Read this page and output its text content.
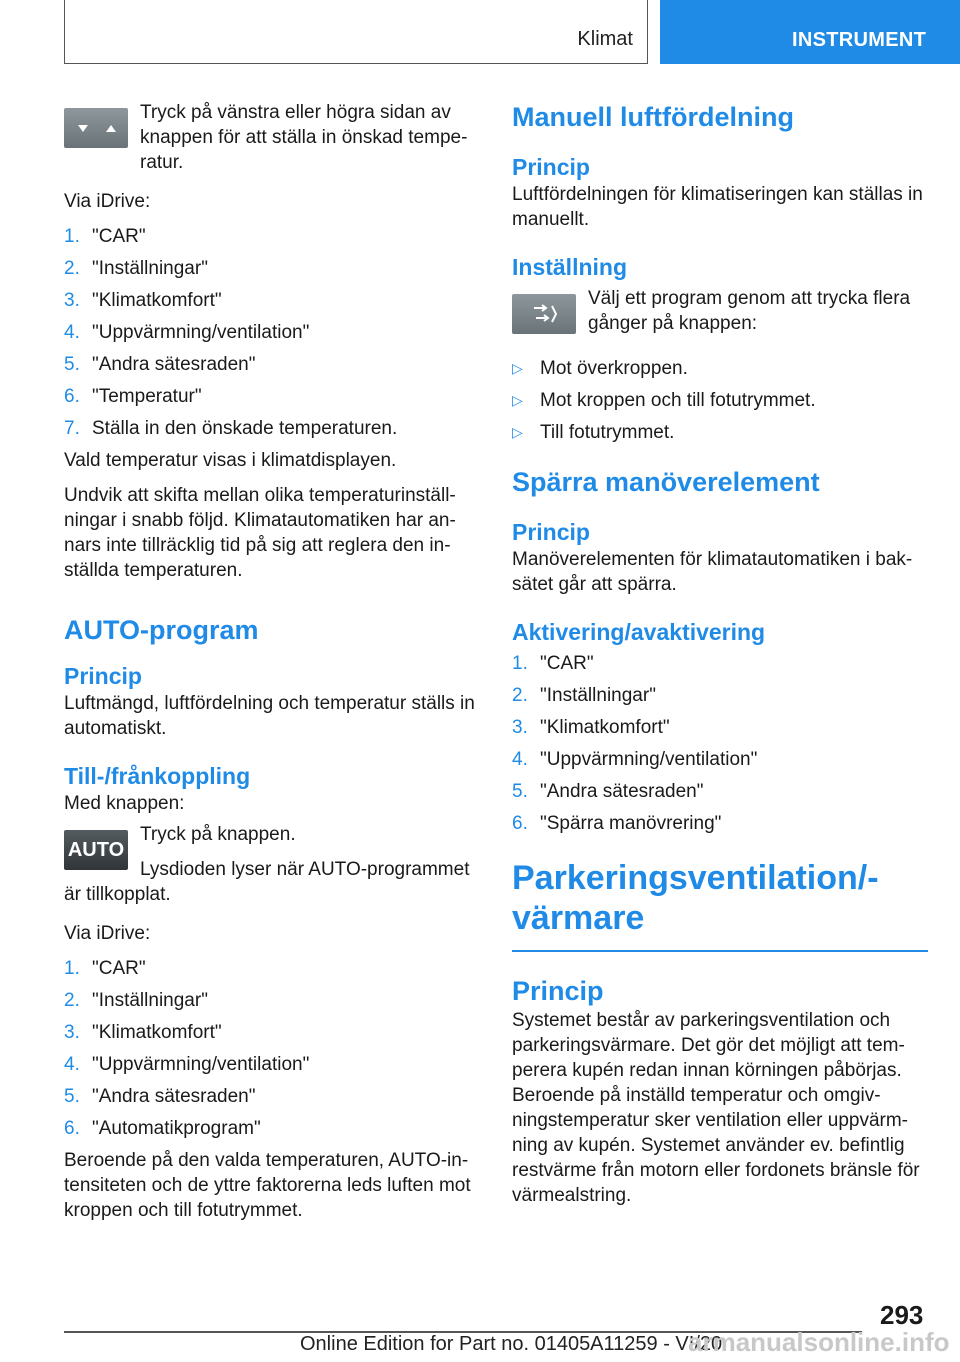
Klimat	INSTRUMENT

Tryck på vänstra eller högra sidan av knappen för att ställa in önskad tempe‐ratur.

Via iDrive:

1. "CAR"
2. "Inställningar"
3. "Klimatkomfort"
4. "Uppvärmning/ventilation"
5. "Andra sätesraden"
6. "Temperatur"
7. Ställa in den önskade temperaturen.

Vald temperatur visas i klimatdisplayen.

Undvik att skifta mellan olika temperaturinställ‐ningar i snabb följd. Klimatautomatiken har an‐nars inte tillräcklig tid på sig att reglera den in‐ställda temperaturen.

AUTO-program
Princip

Luftmängd, luftfördelning och temperatur ställs in automatiskt.

Till-/frånkoppling

Med knappen:

AUTO

Tryck på knappen.

Lysdioden lyser när AUTO-programmet är tillkopplat.

Via iDrive:

1. "CAR"
2. "Inställningar"
3. "Klimatkomfort"
4. "Uppvärmning/ventilation"
5. "Andra sätesraden"
6. "Automatikprogram"

Beroende på den valda temperaturen, AUTO-in‐tensiteten och de yttre faktorerna leds luften mot kroppen och till fotutrymmet.

Manuell luftfördelning
Princip

Luftfördelningen för klimatiseringen kan ställas in manuellt.

Inställning

Välj ett program genom att trycka flera gånger på knappen:

▷ Mot överkroppen.
▷ Mot kroppen och till fotutrymmet.
▷ Till fotutrymmet.
Spärra manöverelement
Princip

Manöverelementen för klimatautomatiken i bak‐sätet går att spärra.

Aktivering/avaktivering
1. "CAR"
2. "Inställningar"
3. "Klimatkomfort"
4. "Uppvärmning/ventilation"
5. "Andra sätesraden"
6. "Spärra manövrering"
Parkeringsventilation/-
värmare
Princip

Systemet består av parkeringsventilation och parkeringsvärmare. Det gör det möjligt att tem‐perera kupén redan innan körningen påbörjas. Beroende på inställd temperatur och omgiv‐ningstemperatur sker ventilation eller uppvärm‐ning av kupén. Systemet använder ev. befintlig restvärme från motorn eller fordonets bränsle för värmealstring.

293
Online Edition for Part no. 01405A11259 - VI/20
armanualsonline.info
